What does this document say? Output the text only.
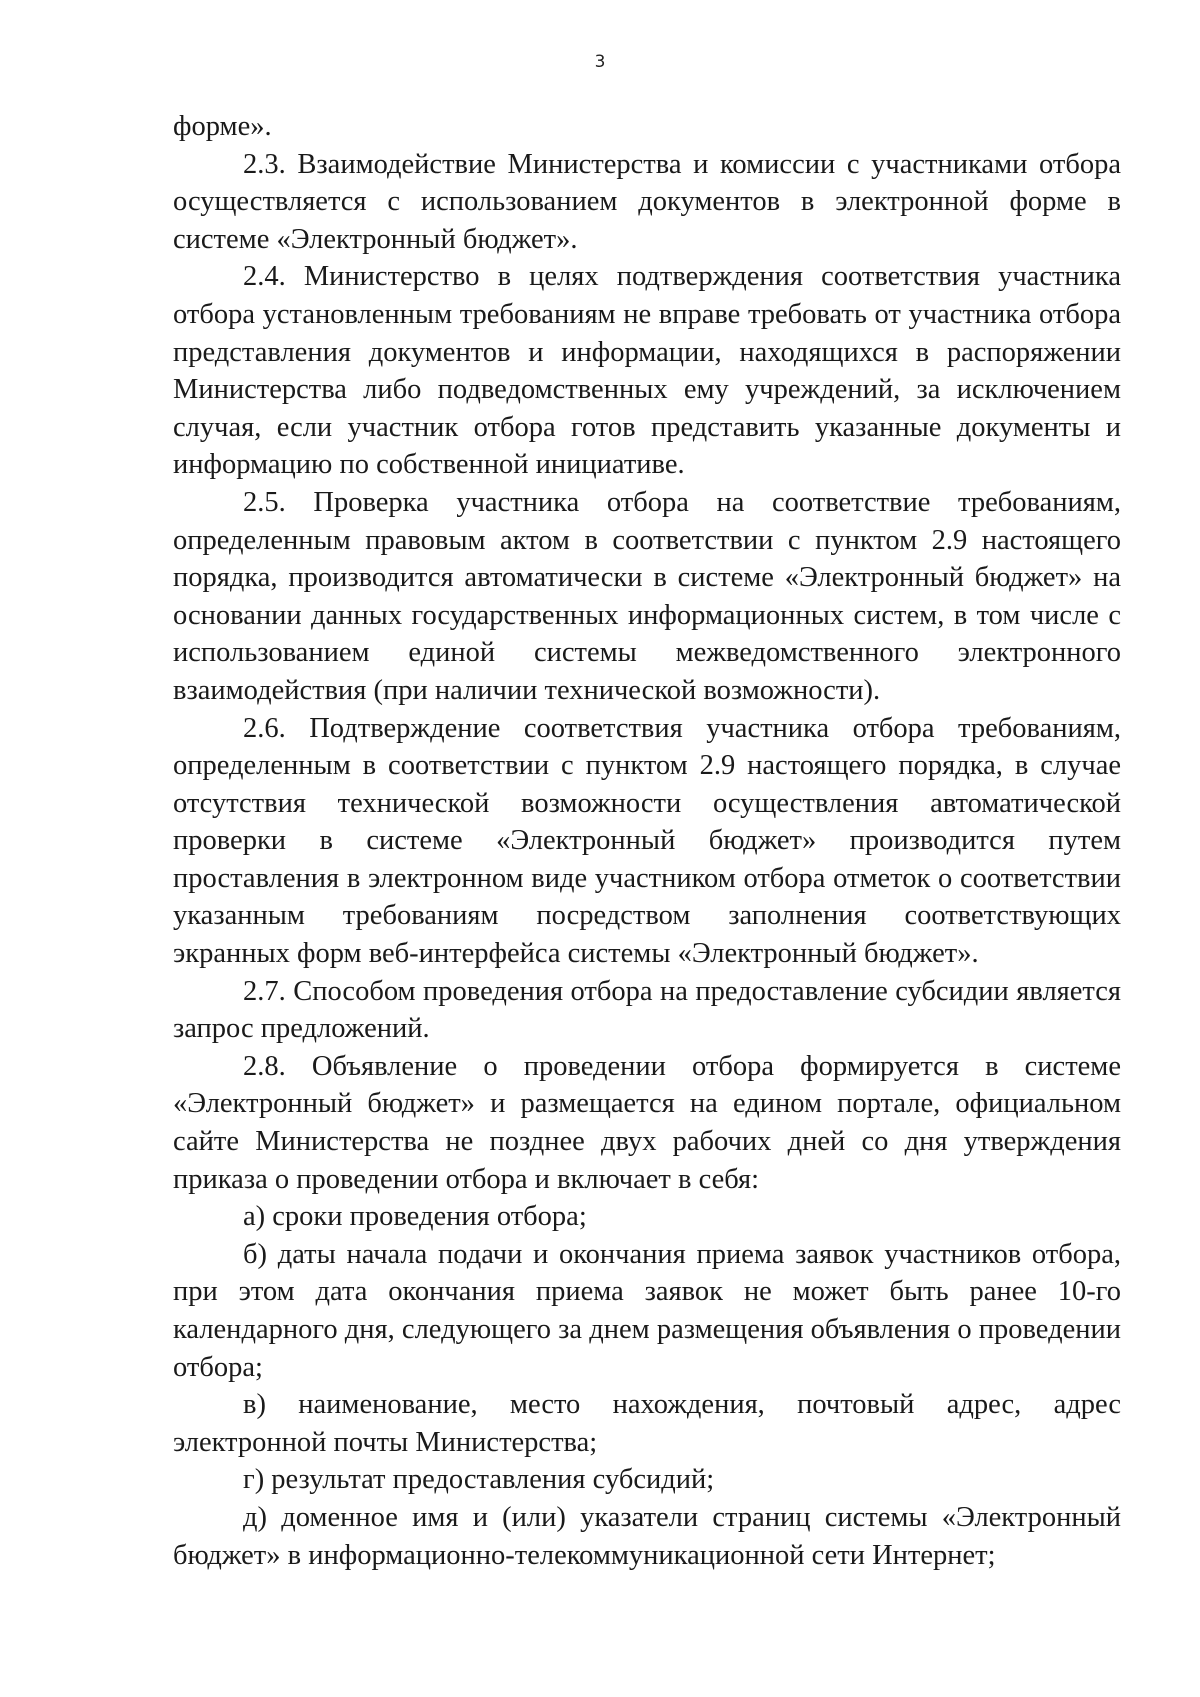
3

форме».

2.3. Взаимодействие Министерства и комиссии с участниками отбора осуществляется с использованием документов в электронной форме в системе «Электронный бюджет».

2.4. Министерство в целях подтверждения соответствия участника отбора установленным требованиям не вправе требовать от участника отбора представления документов и информации, находящихся в распоряжении Министерства либо подведомственных ему учреждений, за исключением случая, если участник отбора готов представить указанные документы и информацию по собственной инициативе.

2.5. Проверка участника отбора на соответствие требованиям, определенным правовым актом в соответствии с пунктом 2.9 настоящего порядка, производится автоматически в системе «Электронный бюджет» на основании данных государственных информационных систем, в том числе с использованием единой системы межведомственного электронного взаимодействия (при наличии технической возможности).

2.6. Подтверждение соответствия участника отбора требованиям, определенным в соответствии с пунктом 2.9 настоящего порядка, в случае отсутствия технической возможности осуществления автоматической проверки в системе «Электронный бюджет» производится путем проставления в электронном виде участником отбора отметок о соответствии указанным требованиям посредством заполнения соответствующих экранных форм веб-интерфейса системы «Электронный бюджет».

2.7. Способом проведения отбора на предоставление субсидии является запрос предложений.

2.8. Объявление о проведении отбора формируется в системе «Электронный бюджет» и размещается на едином портале, официальном сайте Министерства не позднее двух рабочих дней со дня утверждения приказа о проведении отбора и включает в себя:

а) сроки проведения отбора;

б) даты начала подачи и окончания приема заявок участников отбора, при этом дата окончания приема заявок не может быть ранее 10-го календарного дня, следующего за днем размещения объявления о проведении отбора;

в) наименование, место нахождения, почтовый адрес, адрес электронной почты Министерства;

г) результат предоставления субсидий;

д) доменное имя и (или) указатели страниц системы «Электронный бюджет» в информационно-телекоммуникационной сети Интернет;
